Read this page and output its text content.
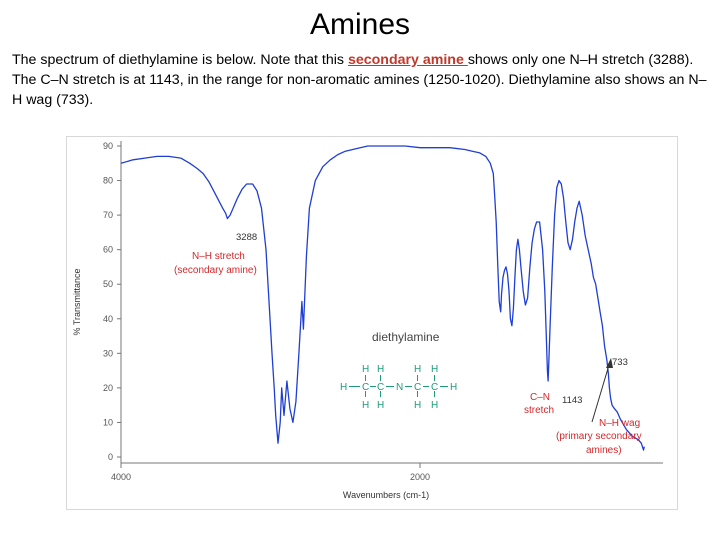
Amines

The spectrum of diethylamine is below. Note that this secondary amine shows only one N–H stretch (3288). The C–N stretch is at 1143, in the range for non-aromatic amines (1250-1020). Diethylamine also shows an N–H wag (733).

90
80
70
60
50
40
30
20
10
0
4000	2000
% Transmittance
Wavenumbers (cm-1)
3288
N–H stretch
(secondary amine)
diethylamine
H H	H H
H C C N C C H
H H	H H	1143
C–N
stretch
733
N–H wag
(primary secondary
amines)
